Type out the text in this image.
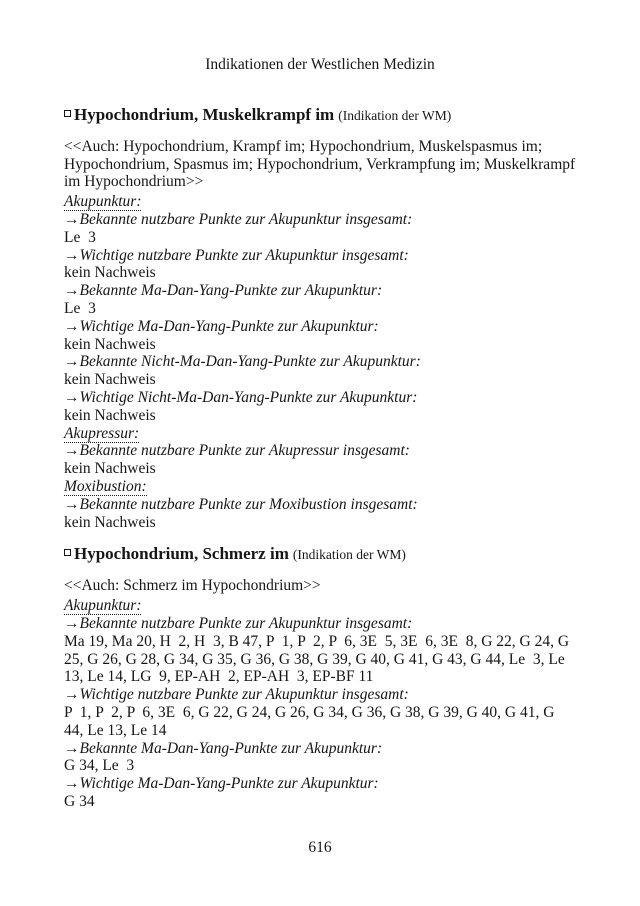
Indikationen der Westlichen Medizin
Hypochondrium, Muskelkrampf im (Indikation der WM)
<<Auch: Hypochondrium, Krampf im; Hypochondrium, Muskelspasmus im; Hypochondrium, Spasmus im; Hypochondrium, Verkrampfung im; Muskelkrampf im Hypochondrium>>
Akupunktur:
→Bekannte nutzbare Punkte zur Akupunktur insgesamt:
Le  3
→Wichtige nutzbare Punkte zur Akupunktur insgesamt:
kein Nachweis
→Bekannte Ma-Dan-Yang-Punkte zur Akupunktur:
Le  3
→Wichtige Ma-Dan-Yang-Punkte zur Akupunktur:
kein Nachweis
→Bekannte Nicht-Ma-Dan-Yang-Punkte zur Akupunktur:
kein Nachweis
→Wichtige Nicht-Ma-Dan-Yang-Punkte zur Akupunktur:
kein Nachweis
Akupressur:
→Bekannte nutzbare Punkte zur Akupressur insgesamt:
kein Nachweis
Moxibustion:
→Bekannte nutzbare Punkte zur Moxibustion insgesamt:
kein Nachweis
Hypochondrium, Schmerz im (Indikation der WM)
<<Auch: Schmerz im Hypochondrium>>
Akupunktur:
→Bekannte nutzbare Punkte zur Akupunktur insgesamt:
Ma 19, Ma 20, H  2, H  3, B 47, P  1, P  2, P  6, 3E  5, 3E  6, 3E  8, G 22, G 24, G 25, G 26, G 28, G 34, G 35, G 36, G 38, G 39, G 40, G 41, G 43, G 44, Le  3, Le 13, Le 14, LG  9, EP-AH  2, EP-AH  3, EP-BF 11
→Wichtige nutzbare Punkte zur Akupunktur insgesamt:
P  1, P  2, P  6, 3E  6, G 22, G 24, G 26, G 34, G 36, G 38, G 39, G 40, G 41, G 44, Le 13, Le 14
→Bekannte Ma-Dan-Yang-Punkte zur Akupunktur:
G 34, Le  3
→Wichtige Ma-Dan-Yang-Punkte zur Akupunktur:
G 34
616
